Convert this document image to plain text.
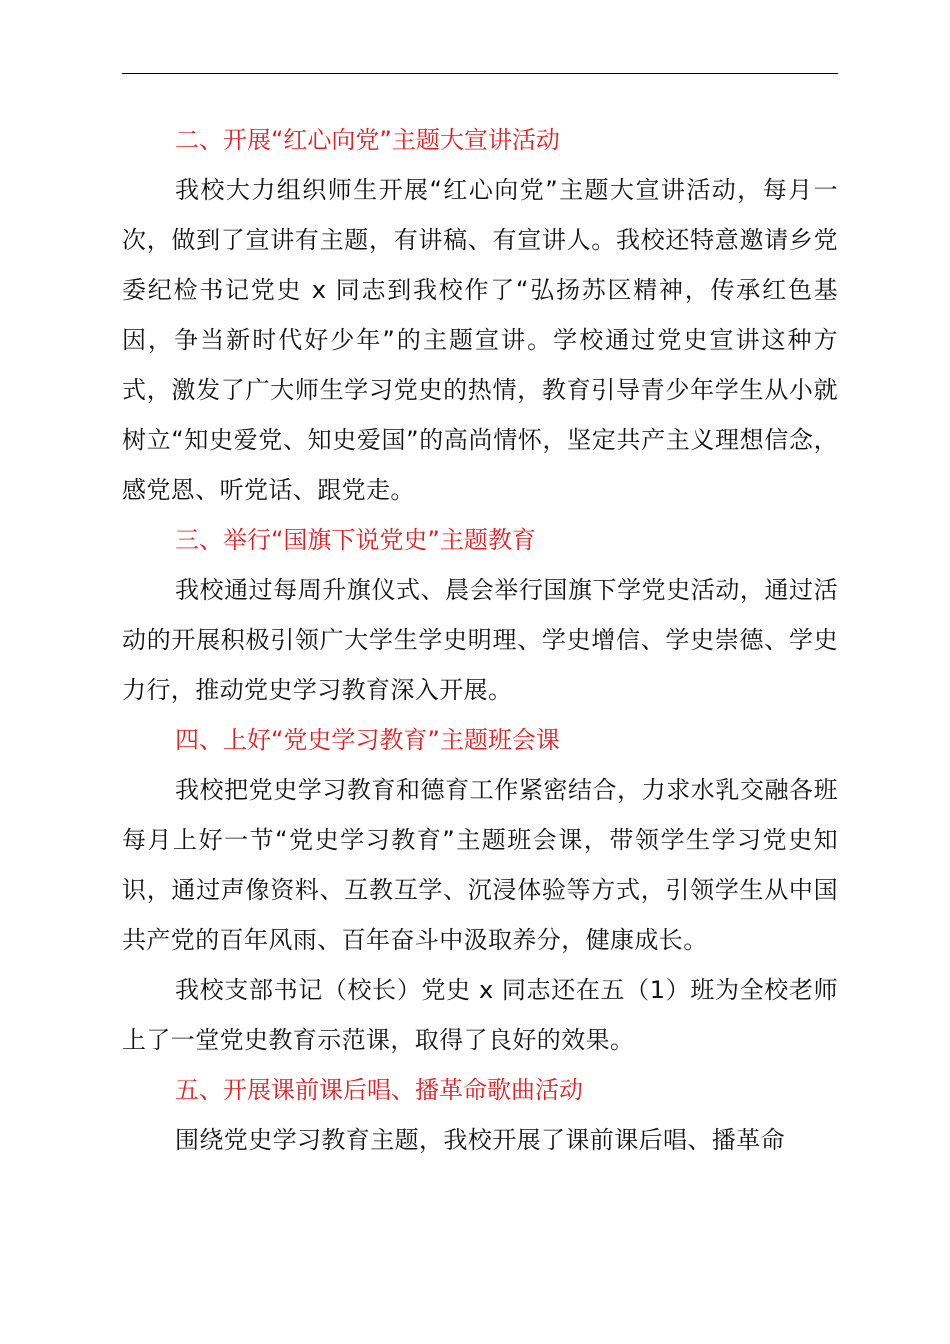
二、开展“红心向党”主题大宣讲活动

我校大力组织师生开展“红心向党”主题大宣讲活动，每月一次，做到了宣讲有主题，有讲稿、有宣讲人。我校还特意邀请乡党委纪检书记党史 x 同志到我校作了“弘扬苏区精神，传承红色基因，争当新时代好少年”的主题宣讲。学校通过党史宣讲这种方式，激发了广大师生学习党史的热情，教育引导青少年学生从小就树立“知史爱党、知史爱国”的高尚情怀，坚定共产主义理想信念，感党恩、听党话、跟党走。

三、举行“国旗下说党史”主题教育

我校通过每周升旗仪式、晨会举行国旗下学党史活动，通过活动的开展积极引领广大学生学史明理、学史增信、学史崇德、学史力行，推动党史学习教育深入开展。

四、上好“党史学习教育”主题班会课

我校把党史学习教育和德育工作紧密结合，力求水乳交融各班每月上好一节“党史学习教育”主题班会课，带领学生学习党史知识，通过声像资料、互教互学、沉浸体验等方式，引领学生从中国共产党的百年风雨、百年奋斗中汲取养分，健康成长。

我校支部书记（校长）党史 x 同志还在五（1）班为全校老师上了一堂党史教育示范课，取得了良好的效果。

五、开展课前课后唱、播革命歌曲活动

围绕党史学习教育主题，我校开展了课前课后唱、播革命
